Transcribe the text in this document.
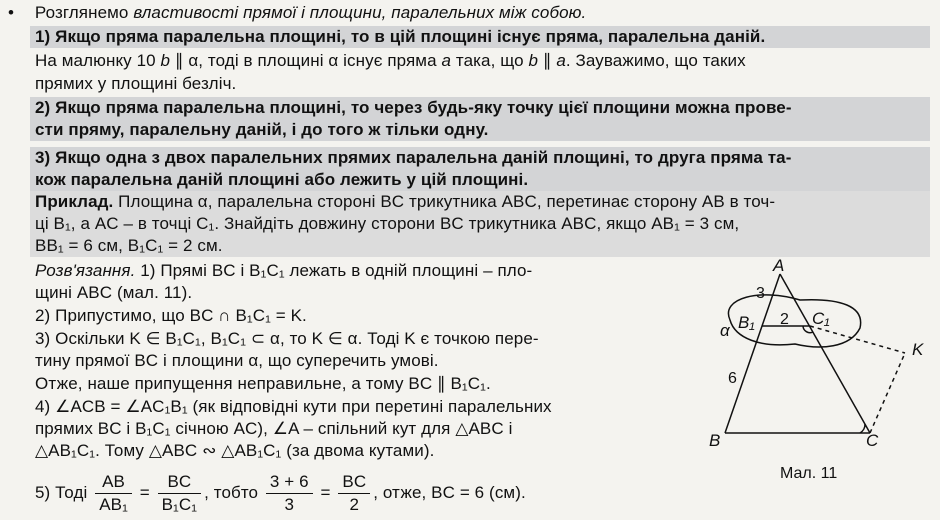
• Розглянемо властивості прямої і площини, паралельних між собою.
1) Якщо пряма паралельна площині, то в цій площині існує пряма, паралельна даній.
На малюнку 10 b ∥ α, тоді в площині α існує пряма a така, що b ∥ a. Зауважимо, що таких
прямих у площині безліч.
2) Якщо пряма паралельна площині, то через будь-яку точку цієї площини можна прове-
сти пряму, паралельну даній, і до того ж тільки одну.
3) Якщо одна з двох паралельних прямих паралельна даній площині, то друга пряма та-
кож паралельна даній площині або лежить у цій площині.
Приклад. Площина α, паралельна стороні BC трикутника ABC, перетинає сторону AB в точ-
ці B₁, а AC – в точці C₁. Знайдіть довжину сторони BC трикутника ABC, якщо AB₁ = 3 см,
BB₁ = 6 см, B₁C₁ = 2 см.
Розв'язання. 1) Прямі BC і B₁C₁ лежать в одній площині – пло-
щині ABC (мал. 11).
2) Припустимо, що BC ∩ B₁C₁ = K.
3) Оскільки K ∈ B₁C₁, B₁C₁ ⊂ α, то K ∈ α. Тоді K є точкою пере-
тину прямої BC і площини α, що суперечить умові.
Отже, наше припущення неправильне, а тому BC ∥ B₁C₁.
4) ∠ACB = ∠AC₁B₁ (як відповідні кути при перетині паралельних
прямих BC і B₁C₁ січною AC), ∠A – спільний кут для △ABC і
△AB₁C₁. Тому △ABC ∾ △AB₁C₁ (за двома кутами).
5) Тоді $\frac{AB}{\text{AB₁}} = \frac{BC}{\text{B₁C₁}}$ , тобто $\frac{3 + 6}{3} = \frac{BC}{2}$ , отже, BC = 6 (см).
A
B	C
B₁	C₁
K
α
3
6
2
Мал. 11
